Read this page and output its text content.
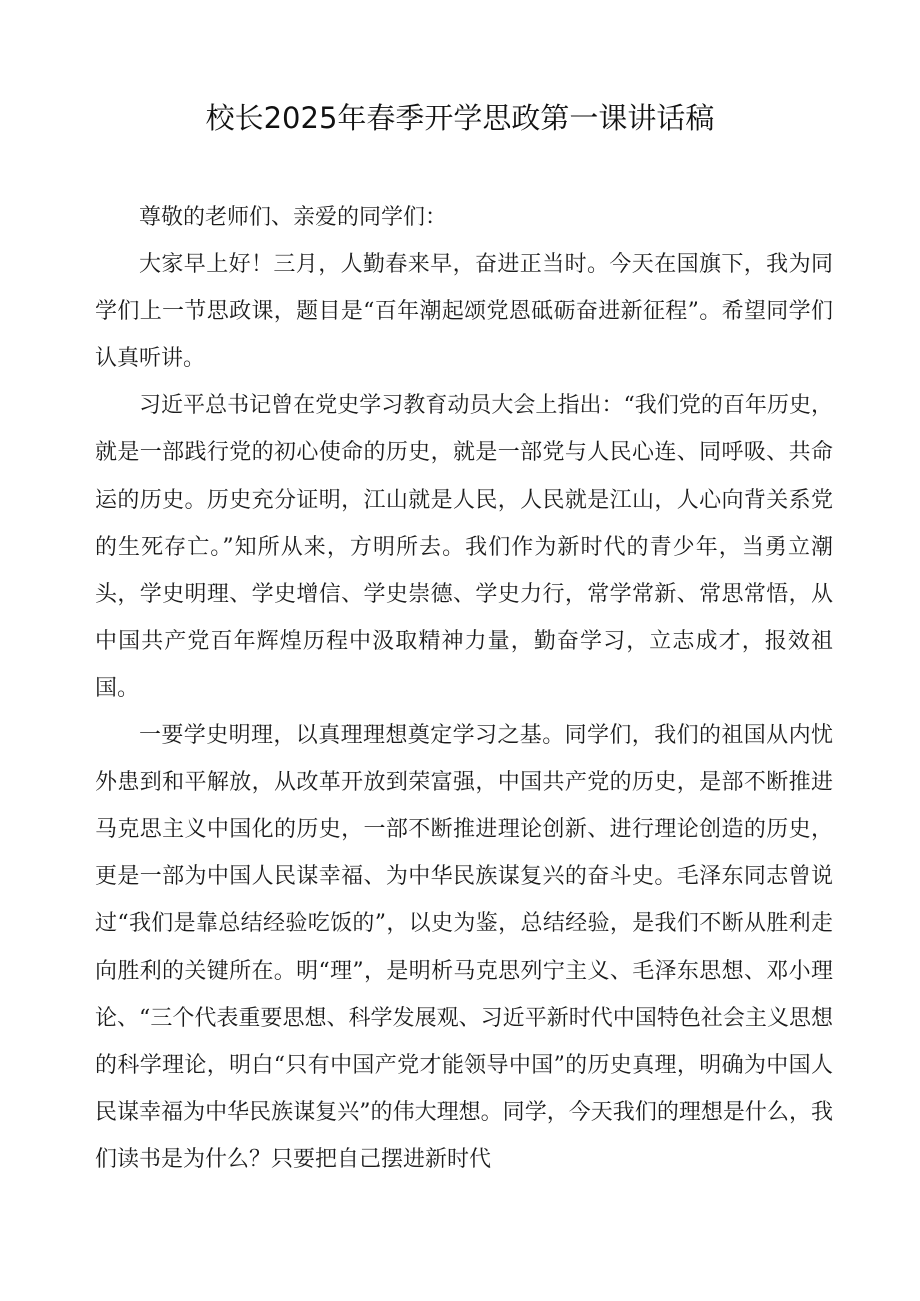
校长2025年春季开学思政第一课讲话稿

尊敬的老师们、亲爱的同学们：

大家早上好！三月，人勤春来早，奋进正当时。今天在国旗下，我为同学们上一节思政课，题目是“百年潮起颂党恩砥砺奋进新征程”。希望同学们认真听讲。

习近平总书记曾在党史学习教育动员大会上指出：“我们党的百年历史，就是一部践行党的初心使命的历史，就是一部党与人民心连、同呼吸、共命运的历史。历史充分证明，江山就是人民，人民就是江山，人心向背关系党的生死存亡。”知所从来，方明所去。我们作为新时代的青少年，当勇立潮头，学史明理、学史增信、学史崇德、学史力行，常学常新、常思常悟，从中国共产党百年辉煌历程中汲取精神力量，勤奋学习，立志成才，报效祖国。

一要学史明理，以真理理想奠定学习之基。同学们，我们的祖国从内忧外患到和平解放，从改革开放到荣富强，中国共产党的历史，是部不断推进马克思主义中国化的历史，一部不断推进理论创新、进行理论创造的历史，更是一部为中国人民谋幸福、为中华民族谋复兴的奋斗史。毛泽东同志曾说过“我们是靠总结经验吃饭的”，以史为鉴，总结经验，是我们不断从胜利走向胜利的关键所在。明“理”，是明析马克思列宁主义、毛泽东思想、邓小理论、“三个代表重要思想、科学发展观、习近平新时代中国特色社会主义思想的科学理论，明白“只有中国产党才能领导中国”的历史真理，明确为中国人民谋幸福为中华民族谋复兴”的伟大理想。同学，今天我们的理想是什么，我们读书是为什么？只要把自己摆进新时代
